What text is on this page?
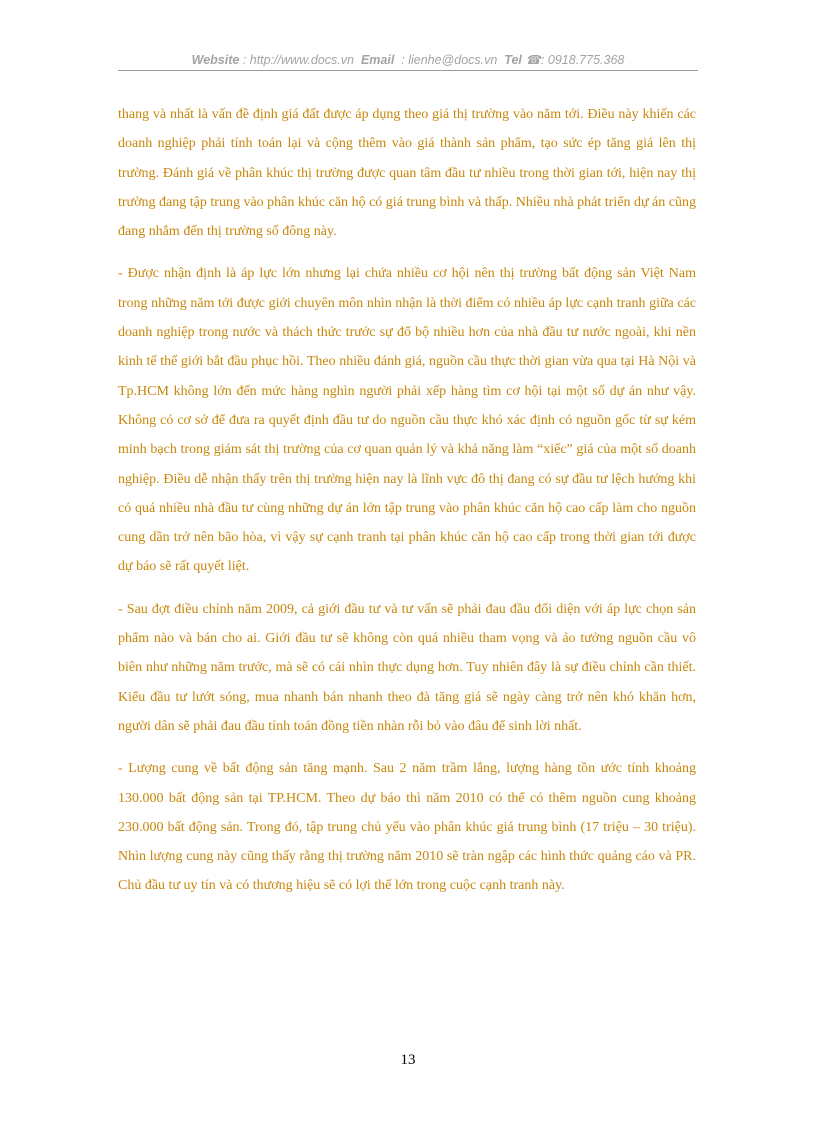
Website : http://www.docs.vn Email : lienhe@docs.vn Tel ☎: 0918.775.368

thang và nhất là vấn đề định giá đất được áp dụng theo giá thị trường vào năm tới. Điều này khiến các doanh nghiệp phải tính toán lại và cộng thêm vào giá thành sản phẩm, tạo sức ép tăng giá lên thị trường. Đánh giá về phân khúc thị trường được quan tâm đầu tư nhiều trong thời gian tới, hiện nay thị trường đang tập trung vào phân khúc căn hộ có giá trung bình và thấp. Nhiều nhà phát triển dự án cũng đang nhắm đến thị trường số đông này.

- Được nhận định là áp lực lớn nhưng lại chứa nhiều cơ hội nên thị trường bất động sản Việt Nam trong những năm tới được giới chuyên môn nhìn nhận là thời điểm có nhiều áp lực cạnh tranh giữa các doanh nghiệp trong nước và thách thức trước sự đổ bộ nhiều hơn của nhà đầu tư nước ngoài, khi nền kinh tế thế giới bắt đầu phục hồi. Theo nhiều đánh giá, nguồn cầu thực thời gian vừa qua tại Hà Nội và Tp.HCM không lớn đến mức hàng nghìn người phải xếp hàng tìm cơ hội tại một số dự án như vậy. Không có cơ sở để đưa ra quyết định đầu tư do nguồn cầu thực khó xác định có nguồn gốc từ sự kém minh bạch trong giám sát thị trường của cơ quan quản lý và khả năng làm “xiếc” giá của một số doanh nghiệp. Điều dễ nhận thấy trên thị trường hiện nay là lĩnh vực đô thị đang có sự đầu tư lệch hướng khi có quá nhiều nhà đầu tư cùng những dự án lớn tập trung vào phân khúc căn hộ cao cấp làm cho nguồn cung dần trở nên bão hòa, vì vậy sự cạnh tranh tại phân khúc căn hộ cao cấp trong thời gian tới được dự báo sẽ rất quyết liệt.

- Sau đợt điều chỉnh năm 2009, cả giới đầu tư và tư vấn sẽ phải đau đầu đối diện với áp lực chọn sản phẩm nào và bán cho ai. Giới đầu tư sẽ không còn quá nhiều tham vọng và ảo tưởng nguồn cầu vô biên như những năm trước, mà sẽ có cái nhìn thực dụng hơn. Tuy nhiên đây là sự điều chỉnh cần thiết. Kiểu đầu tư lướt sóng, mua nhanh bán nhanh theo đà tăng giá sẽ ngày càng trở nên khó khăn hơn, người dân sẽ phải đau đầu tính toán đồng tiền nhàn rỗi bỏ vào đâu để sinh lời nhất.

- Lượng cung về bất động sản tăng mạnh. Sau 2 năm trầm lắng, lượng hàng tồn ước tính khoảng 130.000 bất động sản tại TP.HCM. Theo dự báo thì năm 2010 có thể có thêm nguồn cung khoảng 230.000 bất động sản. Trong đó, tập trung chủ yếu vào phân khúc giá trung bình (17 triệu – 30 triệu). Nhìn lượng cung này cũng thấy rằng thị trường năm 2010 sẽ tràn ngập các hình thức quảng cáo và PR. Chủ đầu tư uy tín và có thương hiệu sẽ có lợi thế lớn trong cuộc cạnh tranh này.

13
